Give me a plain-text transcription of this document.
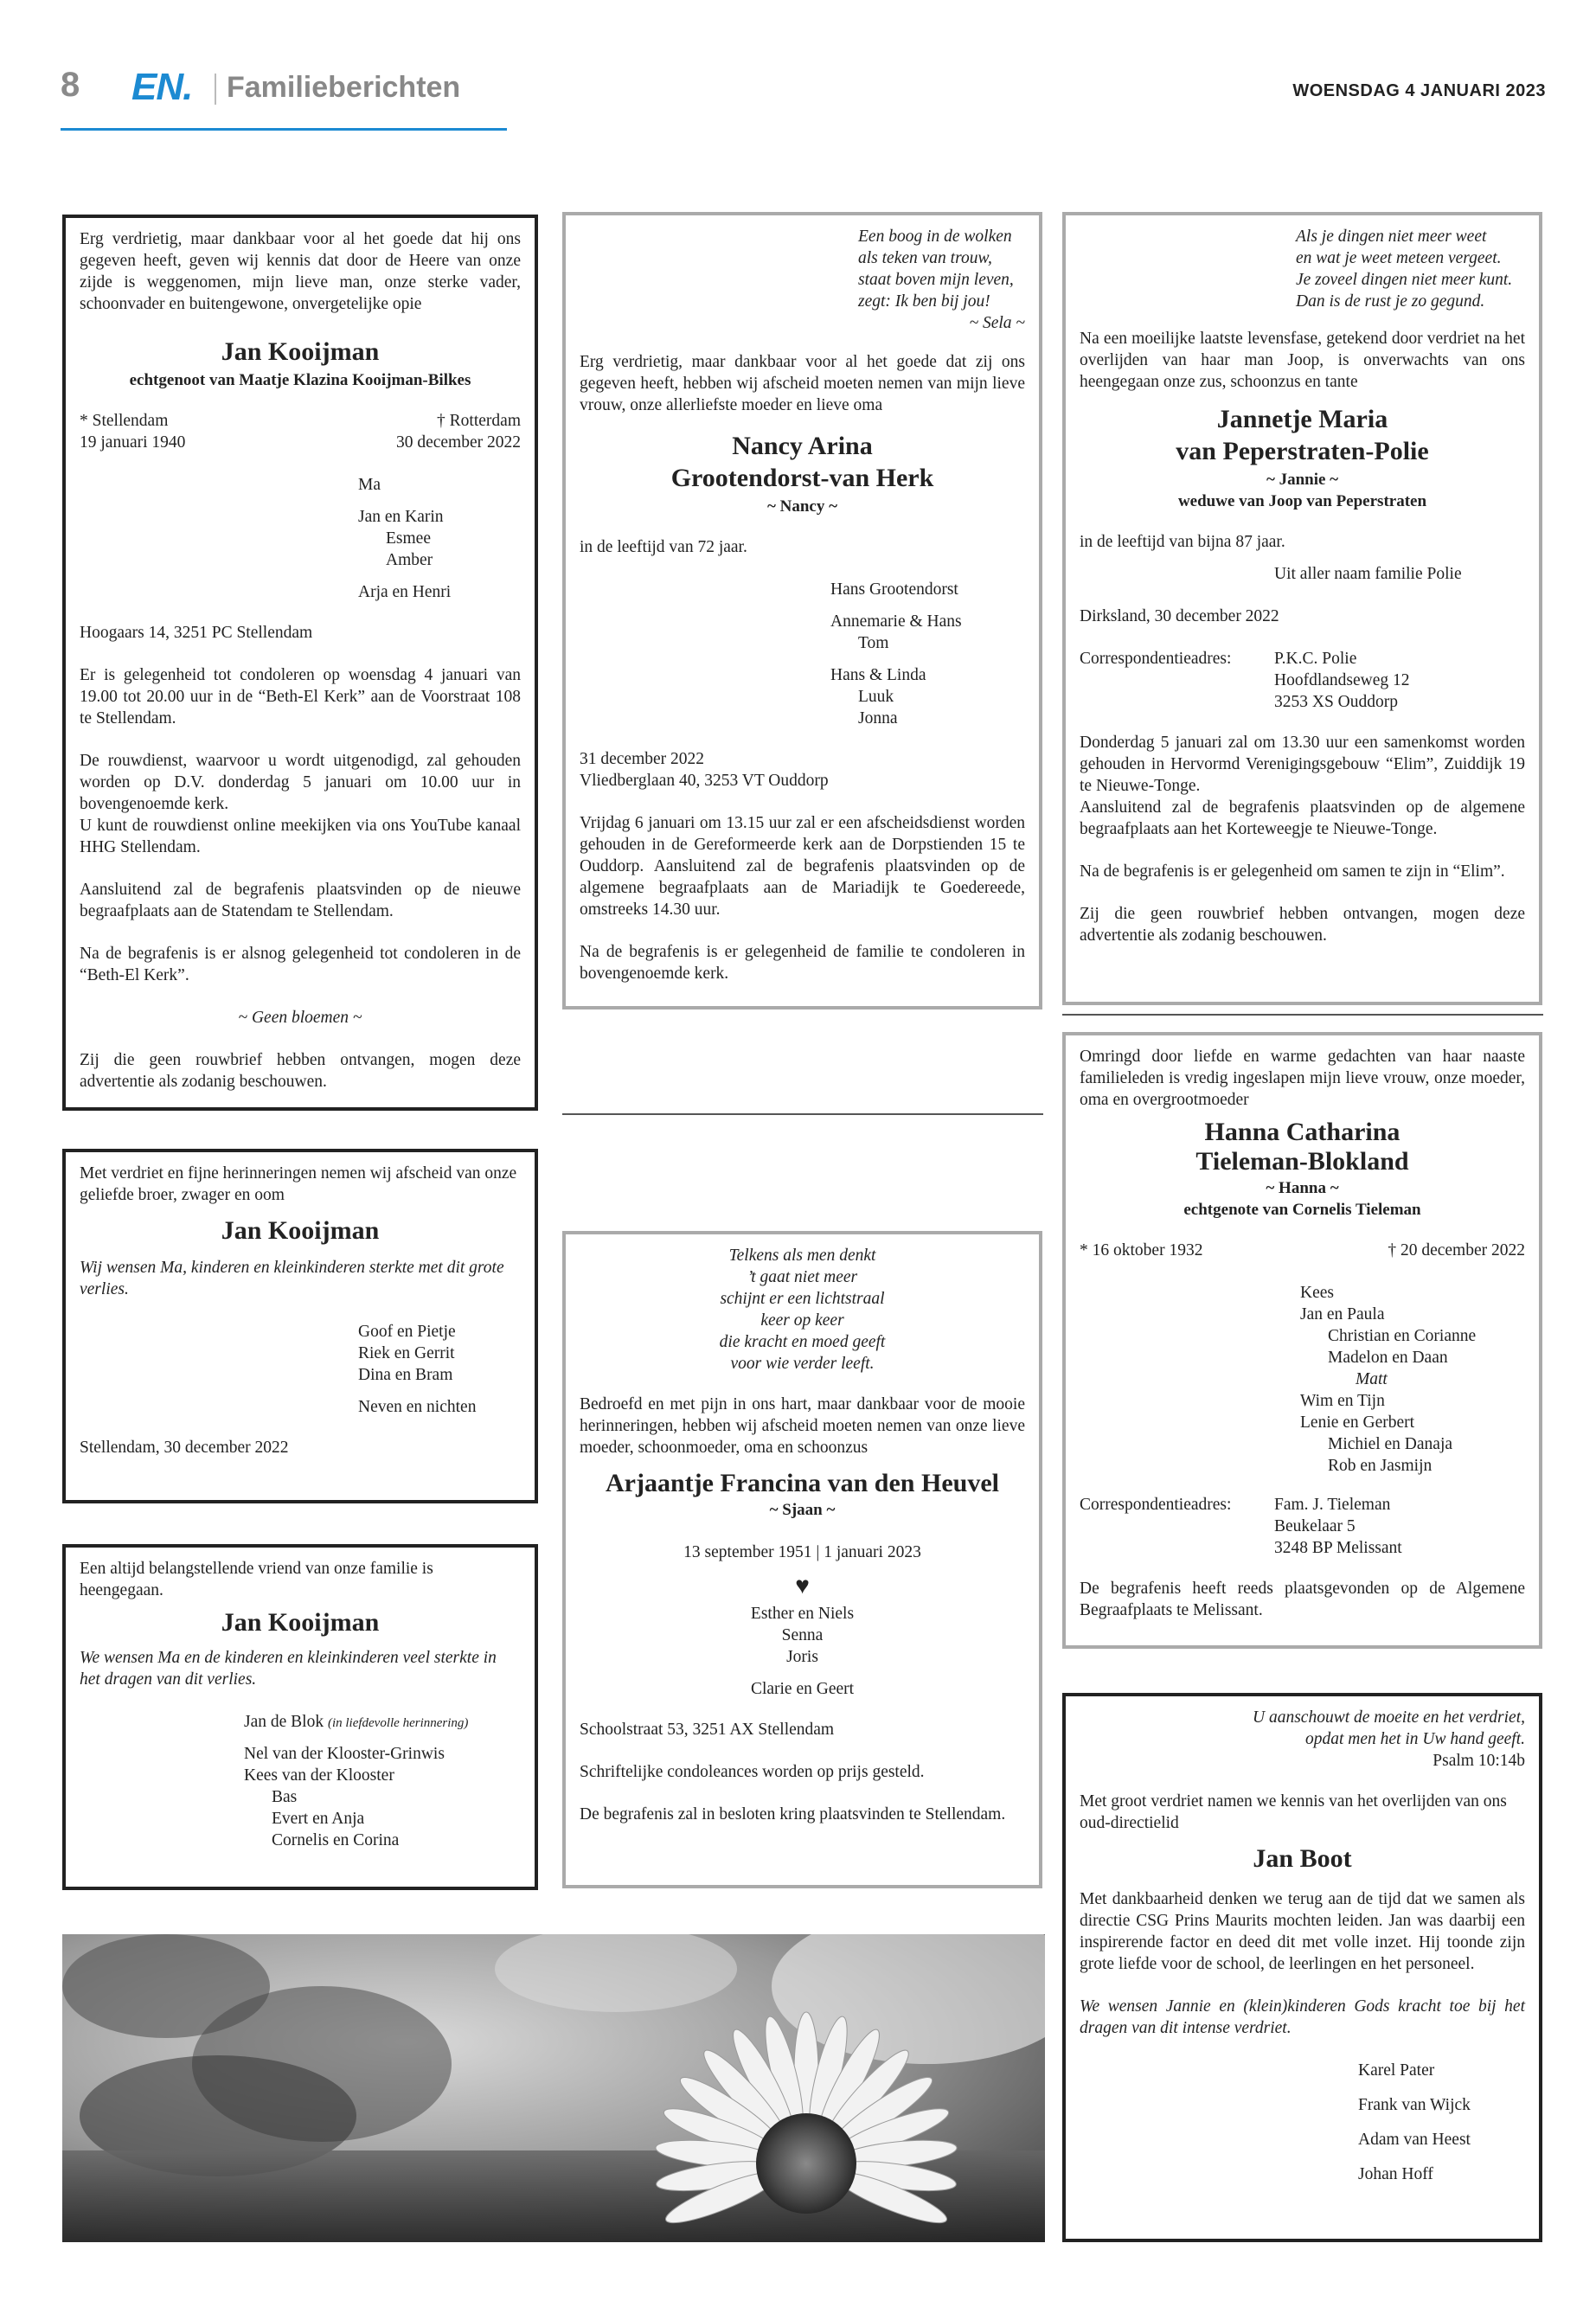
8 EN. Familieberichten	WOENSDAG 4 JANUARI 2023

Erg verdrietig, maar dankbaar voor al het goede dat hij ons gegeven heeft, geven wij kennis dat door de Heere van onze zijde is weggenomen, mijn lieve man, onze sterke vader, schoonvader en buitengewone, onvergetelijke opie

Jan Kooijman
echtgenoot van Maatje Klazina Kooijman-Bilkes
* Stellendam	† Rotterdam
19 januari 1940	30 december 2022
Ma
Jan en Karin
Esmee
Amber
Arja en Henri

Hoogaars 14, 3251 PC Stellendam

Er is gelegenheid tot condoleren op woensdag 4 januari van 19.00 tot 20.00 uur in de “Beth-El Kerk” aan de Voorstraat 108 te Stellendam.

De rouwdienst, waarvoor u wordt uitgenodigd, zal gehouden worden op D.V. donderdag 5 januari om 10.00 uur in bovengenoemde kerk.

U kunt de rouwdienst online meekijken via ons YouTube kanaal HHG Stellendam.

Aansluitend zal de begrafenis plaatsvinden op de nieuwe begraafplaats aan de Statendam te Stellendam.

Na de begrafenis is er alsnog gelegenheid tot condoleren in de “Beth-El Kerk”.

~ Geen bloemen ~

Zij die geen rouwbrief hebben ontvangen, mogen deze advertentie als zodanig beschouwen.

Met verdriet en fijne herinneringen nemen wij afscheid van onze geliefde broer, zwager en oom

Jan Kooijman

Wij wensen Ma, kinderen en kleinkinderen sterkte met dit grote verlies.

Goof en Pietje
Riek en Gerrit
Dina en Bram
Neven en nichten

Stellendam, 30 december 2022

Een altijd belangstellende vriend van onze familie is heengegaan.

Jan Kooijman

We wensen Ma en de kinderen en kleinkinderen veel sterkte in het dragen van dit verlies.

Jan de Blok (in liefdevolle herinnering)
Nel van der Klooster-Grinwis
Kees van der Klooster
Bas
Evert en Anja
Cornelis en Corina
Een boog in de wolken
als teken van trouw,
staat boven mijn leven,
zegt: Ik ben bij jou!
~ Sela ~

Erg verdrietig, maar dankbaar voor al het goede dat zij ons gegeven heeft, hebben wij afscheid moeten nemen van mijn lieve vrouw, onze allerliefste moeder en lieve oma

Nancy Arina
Grootendorst-van Herk
~ Nancy ~

in de leeftijd van 72 jaar.

Hans Grootendorst
Annemarie & Hans
Tom
Hans & Linda
Luuk
Jonna
31 december 2022

Vliedberglaan 40, 3253 VT Ouddorp

Vrijdag 6 januari om 13.15 uur zal er een afscheidsdienst worden gehouden in de Gereformeerde kerk aan de Dorpstienden 15 te Ouddorp. Aansluitend zal de begrafenis plaatsvinden op de algemene begraafplaats aan de Mariadijk te Goedereede, omstreeks 14.30 uur.

Na de begrafenis is er gelegenheid de familie te condoleren in bovengenoemde kerk.

Telkens als men denkt
’t gaat niet meer
schijnt er een lichtstraal
keer op keer
die kracht en moed geeft
voor wie verder leeft.

Bedroefd en met pijn in ons hart, maar dankbaar voor de mooie herinneringen, hebben wij afscheid moeten nemen van onze lieve moeder, schoonmoeder, oma en schoonzus

Arjaantje Francina van den Heuvel
~ Sjaan ~
13 september 1951 | 1 januari 2023
♥
Esther en Niels
Senna
Joris
Clarie en Geert

Schoolstraat 53, 3251 AX Stellendam

Schriftelijke condoleances worden op prijs gesteld.

De begrafenis zal in besloten kring plaatsvinden te Stellendam.

Als je dingen niet meer weet
en wat je weet meteen vergeet.
Je zoveel dingen niet meer kunt.
Dan is de rust je zo gegund.

Na een moeilijke laatste levensfase, getekend door verdriet na het overlijden van haar man Joop, is onverwachts van ons heengegaan onze zus, schoonzus en tante

Jannetje Maria
van Peperstraten-Polie
~ Jannie ~
weduwe van Joop van Peperstraten

in de leeftijd van bijna 87 jaar.

Uit aller naam familie Polie

Dirksland, 30 december 2022

Correspondentieadres:	P.K.C. Polie
Hoofdlandseweg 12
3253 XS Ouddorp

Donderdag 5 januari zal om 13.30 uur een samenkomst worden gehouden in Hervormd Verenigingsgebouw “Elim”, Zuiddijk 19 te Nieuwe-Tonge.

Aansluitend zal de begrafenis plaatsvinden op de algemene begraafplaats aan het Korteweegje te Nieuwe-Tonge.

Na de begrafenis is er gelegenheid om samen te zijn in “Elim”.

Zij die geen rouwbrief hebben ontvangen, mogen deze advertentie als zodanig beschouwen.

Omringd door liefde en warme gedachten van haar naaste familieleden is vredig ingeslapen mijn lieve vrouw, onze moeder, oma en overgrootmoeder

Hanna Catharina
Tieleman-Blokland
~ Hanna ~
echtgenote van Cornelis Tieleman
* 16 oktober 1932	† 20 december 2022
Kees
Jan en Paula
Christian en Corianne
Madelon en Daan
Matt
Wim en Tijn
Lenie en Gerbert
Michiel en Danaja
Rob en Jasmijn
Correspondentieadres:	Fam. J. Tieleman
Beukelaar 5
3248 BP Melissant

De begrafenis heeft reeds plaatsgevonden op de Algemene Begraafplaats te Melissant.

U aanschouwt de moeite en het verdriet,
opdat men het in Uw hand geeft.
Psalm 10:14b

Met groot verdriet namen we kennis van het overlijden van ons oud-directielid

Jan Boot

Met dankbaarheid denken we terug aan de tijd dat we samen als directie CSG Prins Maurits mochten leiden. Jan was daarbij een inspirerende factor en deed dit met volle inzet. Hij toonde zijn grote liefde voor de school, de leerlingen en het personeel.

We wensen Jannie en (klein)kinderen Gods kracht toe bij het dragen van dit intense verdriet.

Karel Pater
Frank van Wijck
Adam van Heest
Johan Hoff
